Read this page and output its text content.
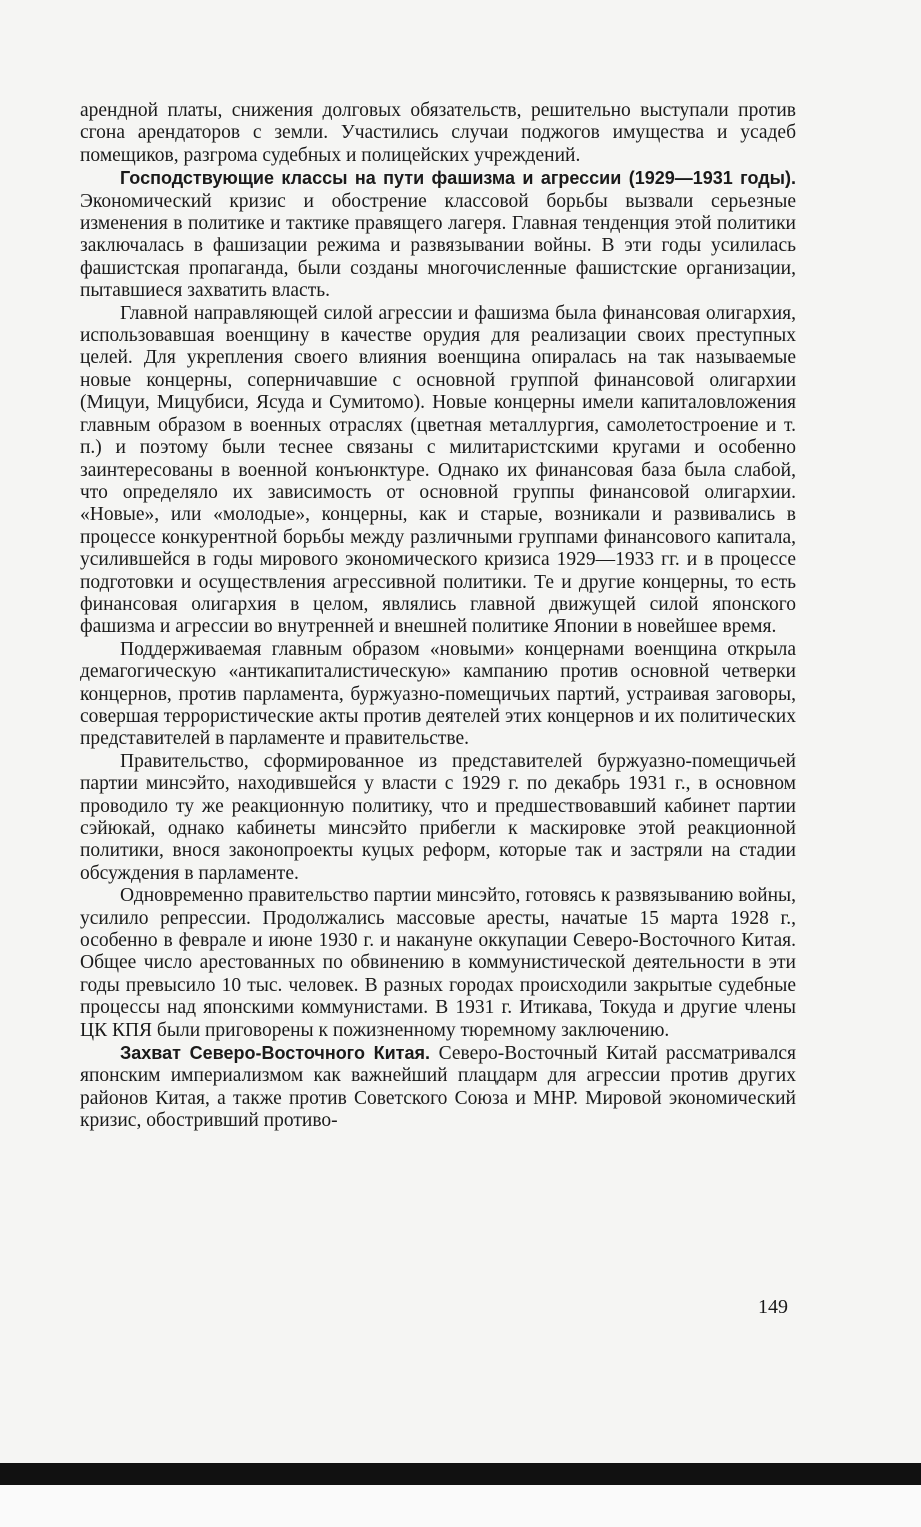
арендной платы, снижения долговых обязательств, решительно выступали против сгона арендаторов с земли. Участились случаи поджогов имущества и усадеб помещиков, разгрома судебных и полицейских учреждений.

Господствующие классы на пути фашизма и агрессии (1929—1931 годы). Экономический кризис и обострение классовой борьбы вызвали серьезные изменения в политике и тактике правящего лагеря. Главная тенденция этой политики заключалась в фашизации режима и развязывании войны. В эти годы усилилась фашистская пропаганда, были созданы многочисленные фашистские организации, пытавшиеся захватить власть.

Главной направляющей силой агрессии и фашизма была финансовая олигархия, использовавшая военщину в качестве орудия для реализации своих преступных целей. Для укрепления своего влияния военщина опиралась на так называемые новые концерны, соперничавшие с основной группой финансовой олигархии (Мицуи, Мицубиси, Ясуда и Сумитомо). Новые концерны имели капиталовложения главным образом в военных отраслях (цветная металлургия, самолетостроение и т. п.) и поэтому были теснее связаны с милитаристскими кругами и особенно заинтересованы в военной конъюнктуре. Однако их финансовая база была слабой, что определяло их зависимость от основной группы финансовой олигархии. «Новые», или «молодые», концерны, как и старые, возникали и развивались в процессе конкурентной борьбы между различными группами финансового капитала, усилившейся в годы мирового экономического кризиса 1929—1933 гг. и в процессе подготовки и осуществления агрессивной политики. Те и другие концерны, то есть финансовая олигархия в целом, являлись главной движущей силой японского фашизма и агрессии во внутренней и внешней политике Японии в новейшее время.

Поддерживаемая главным образом «новыми» концернами военщина открыла демагогическую «антикапиталистическую» кампанию против основной четверки концернов, против парламента, буржуазно-помещичьих партий, устраивая заговоры, совершая террористические акты против деятелей этих концернов и их политических представителей в парламенте и правительстве.

Правительство, сформированное из представителей буржуазно-помещичьей партии минсэйто, находившейся у власти с 1929 г. по декабрь 1931 г., в основном проводило ту же реакционную политику, что и предшествовавший кабинет партии сэйюкай, однако кабинеты минсэйто прибегли к маскировке этой реакционной политики, внося законопроекты куцых реформ, которые так и застряли на стадии обсуждения в парламенте.

Одновременно правительство партии минсэйто, готовясь к развязыванию войны, усилило репрессии. Продолжались массовые аресты, начатые 15 марта 1928 г., особенно в феврале и июне 1930 г. и накануне оккупации Северо-Восточного Китая. Общее число арестованных по обвинению в коммунистической деятельности в эти годы превысило 10 тыс. человек. В разных городах происходили закрытые судебные процессы над японскими коммунистами. В 1931 г. Итикава, Токуда и другие члены ЦК КПЯ были приговорены к пожизненному тюремному заключению.

Захват Северо-Восточного Китая. Северо-Восточный Китай рассматривался японским империализмом как важнейший плацдарм для агрессии против других районов Китая, а также против Советского Союза и МНР. Мировой экономический кризис, обостривший противо-

149
